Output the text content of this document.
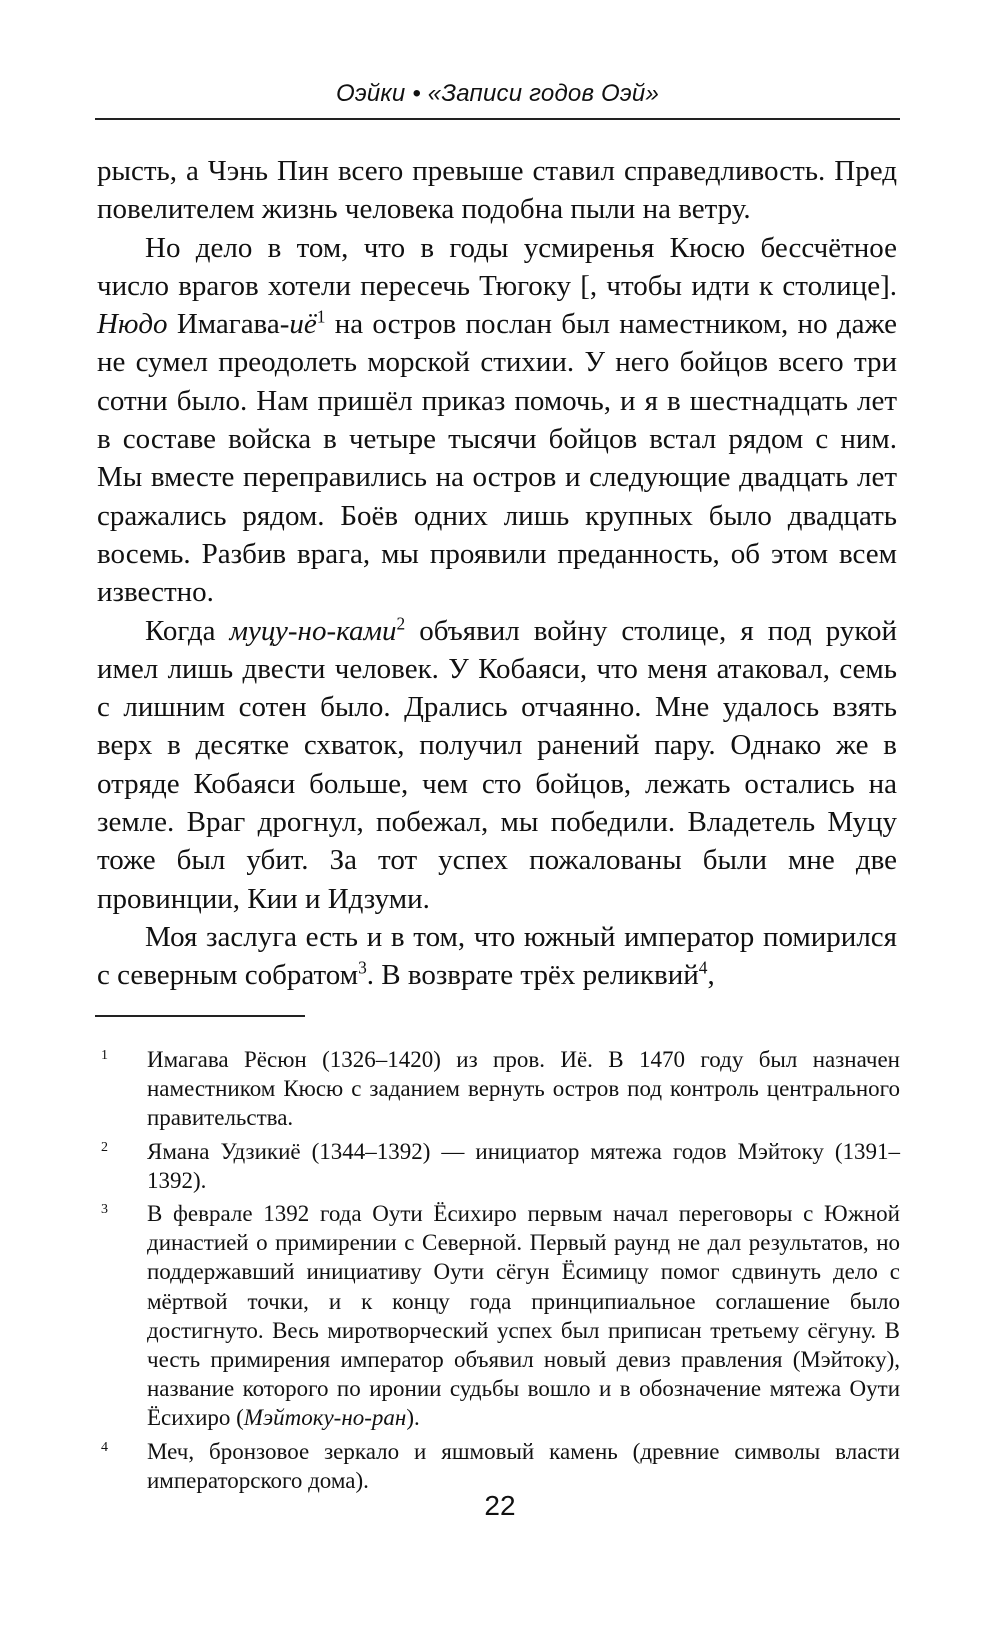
Оэйки • «Записи годов Оэй»

рысть, а Чэнь Пин всего превыше ставил справедливость. Пред повелителем жизнь человека подобна пыли на ветру.

Но дело в том, что в годы усмиренья Кюсю бессчётное число врагов хотели пересечь Тюгоку [, чтобы идти к столице]. Нюдо Имагава-$иё^1$ на остров послан был наместником, но даже не сумел преодолеть морской стихии. У него бойцов всего три сотни было. Нам пришёл приказ помочь, и я в шестнадцать лет в составе войска в четыре тысячи бойцов встал рядом с ним. Мы вместе переправились на остров и следующие двадцать лет сражались рядом. Боёв одних лишь крупных было двадцать восемь. Разбив врага, мы проявили преданность, об этом всем известно.

Когда муцу-но-ками$^2$ объявил войну столице, я под рукой имел лишь двести человек. У Кобаяси, что меня атаковал, семь с лишним сотен было. Дрались отчаянно. Мне удалось взять верх в десятке схваток, получил ранений пару. Однако же в отряде Кобаяси больше, чем сто бойцов, лежать остались на земле. Враг дрогнул, побежал, мы победили. Владетель Муцу тоже был убит. За тот успех пожалованы были мне две провинции, Кии и Идзуми.

Моя заслуга есть и в том, что южный император помирился с северным собратом$^3$. В возврате трёх реликвий$^4$,

1	Имагава Рёсюн (1326–1420) из пров. Иё. В 1470 году был назначен наместником Кюсю с заданием вернуть остров под контроль центрального правительства.
2	Ямана Удзикиё (1344–1392) — инициатор мятежа годов Мэйтоку (1391–1392).
3	В феврале 1392 года Оути Ёсихиро первым начал переговоры с Южной династией о примирении с Северной. Первый раунд не дал результатов, но поддержавший инициативу Оути сёгун Ёсимицу помог сдвинуть дело с мёртвой точки, и к концу года принципиальное соглашение было достигнуто. Весь миротворческий успех был приписан третьему сёгуну. В честь примирения император объявил новый девиз правления (Мэйтоку), название которого по иронии судьбы вошло и в обозначение мятежа Оути Ёсихиро (Мэйтоку-но-ран).
4	Меч, бронзовое зеркало и яшмовый камень (древние символы власти императорского дома).
22
